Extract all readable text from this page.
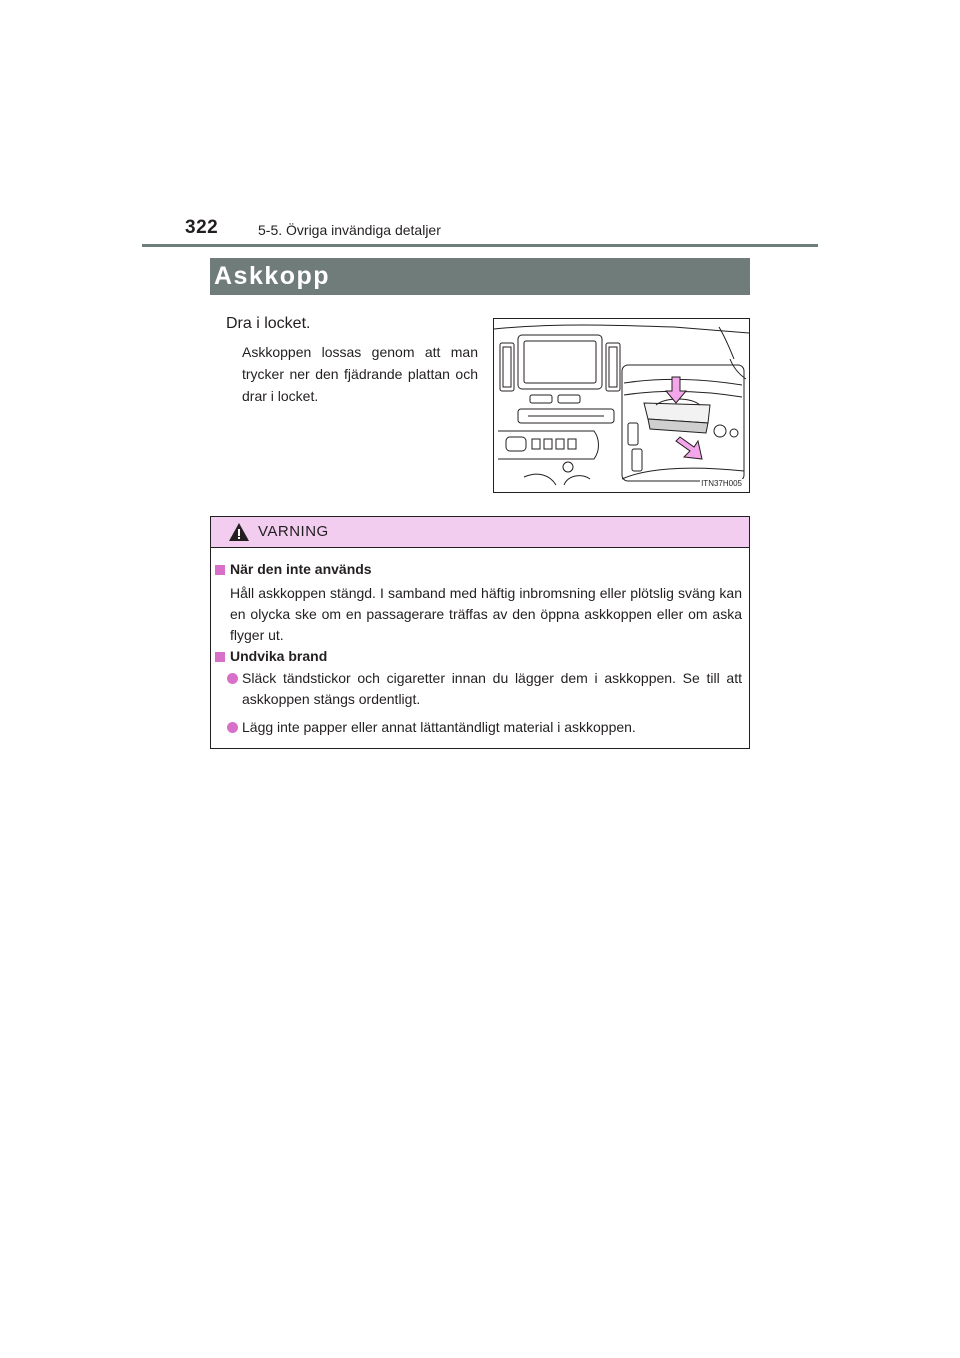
322	5-5. Övriga invändiga detaljer
Askkopp
Dra i locket.
Askkoppen lossas genom att man trycker ner den fjädrande plattan och drar i locket.
ITN37H005
VARNING
När den inte används
Håll askkoppen stängd. I samband med häftig inbromsning eller plötslig sväng kan en olycka ske om en passagerare träffas av den öppna askkoppen eller om aska flyger ut.
Undvika brand
Släck tändstickor och cigaretter innan du lägger dem i askkoppen. Se till att askkoppen stängs ordentligt.
Lägg inte papper eller annat lättantändligt material i askkoppen.
